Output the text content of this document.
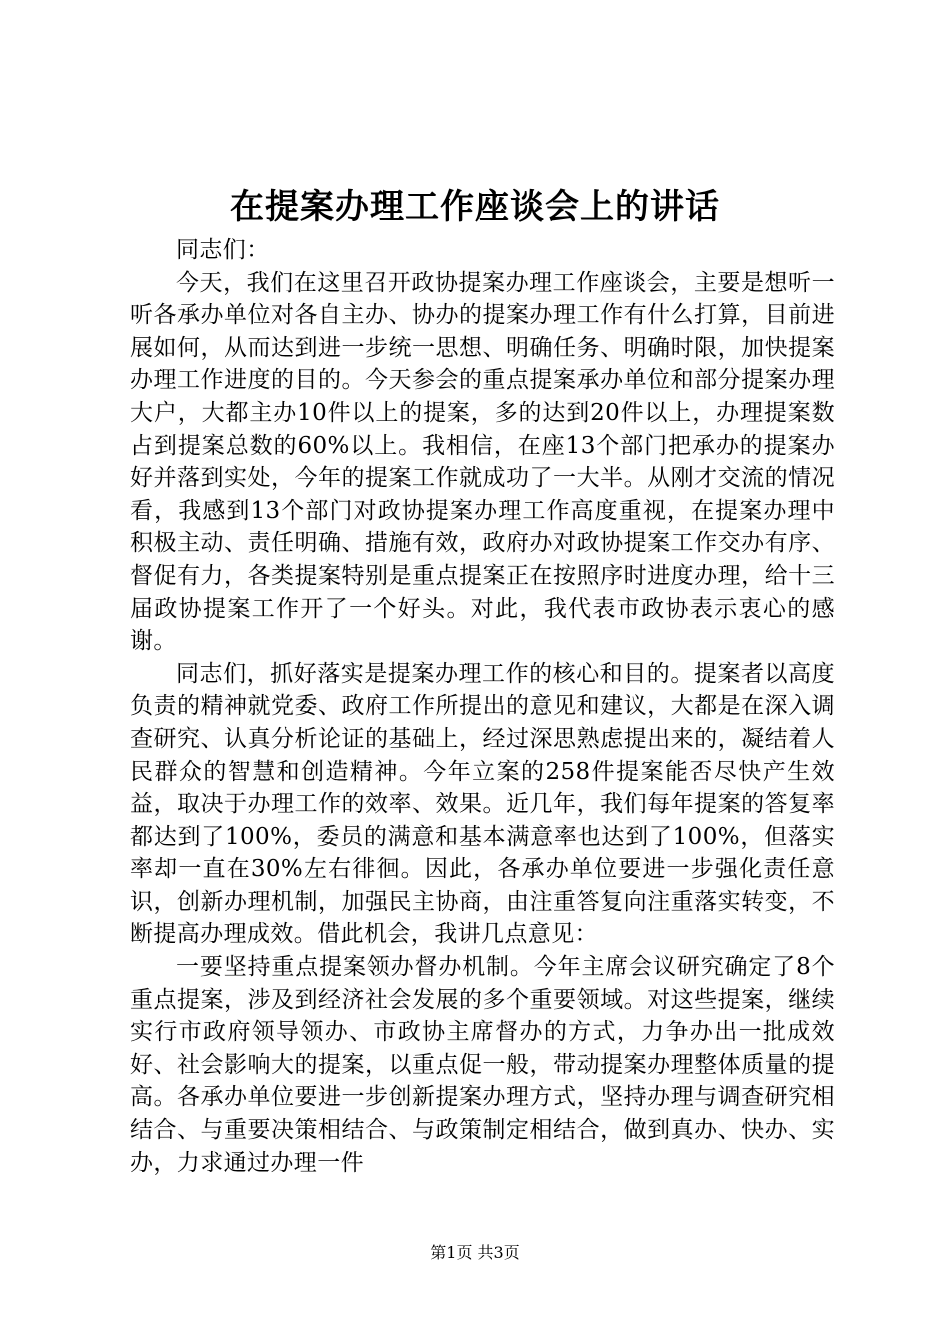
在提案办理工作座谈会上的讲话

同志们：

今天，我们在这里召开政协提案办理工作座谈会，主要是想听一听各承办单位对各自主办、协办的提案办理工作有什么打算，目前进展如何，从而达到进一步统一思想、明确任务、明确时限，加快提案办理工作进度的目的。今天参会的重点提案承办单位和部分提案办理大户，大都主办10件以上的提案，多的达到20件以上，办理提案数占到提案总数的60%以上。我相信，在座13个部门把承办的提案办好并落到实处，今年的提案工作就成功了一大半。从刚才交流的情况看，我感到13个部门对政协提案办理工作高度重视，在提案办理中积极主动、责任明确、措施有效，政府办对政协提案工作交办有序、督促有力，各类提案特别是重点提案正在按照序时进度办理，给十三届政协提案工作开了一个好头。对此，我代表市政协表示衷心的感谢。

同志们，抓好落实是提案办理工作的核心和目的。提案者以高度负责的精神就党委、政府工作所提出的意见和建议，大都是在深入调查研究、认真分析论证的基础上，经过深思熟虑提出来的，凝结着人民群众的智慧和创造精神。今年立案的258件提案能否尽快产生效益，取决于办理工作的效率、效果。近几年，我们每年提案的答复率都达到了100%，委员的满意和基本满意率也达到了100%，但落实率却一直在30%左右徘徊。因此，各承办单位要进一步强化责任意识，创新办理机制，加强民主协商，由注重答复向注重落实转变，不断提高办理成效。借此机会，我讲几点意见：

一要坚持重点提案领办督办机制。今年主席会议研究确定了8个重点提案，涉及到经济社会发展的多个重要领域。对这些提案，继续实行市政府领导领办、市政协主席督办的方式，力争办出一批成效好、社会影响大的提案，以重点促一般，带动提案办理整体质量的提高。各承办单位要进一步创新提案办理方式，坚持办理与调查研究相结合、与重要决策相结合、与政策制定相结合，做到真办、快办、实办，力求通过办理一件

第1页 共3页
